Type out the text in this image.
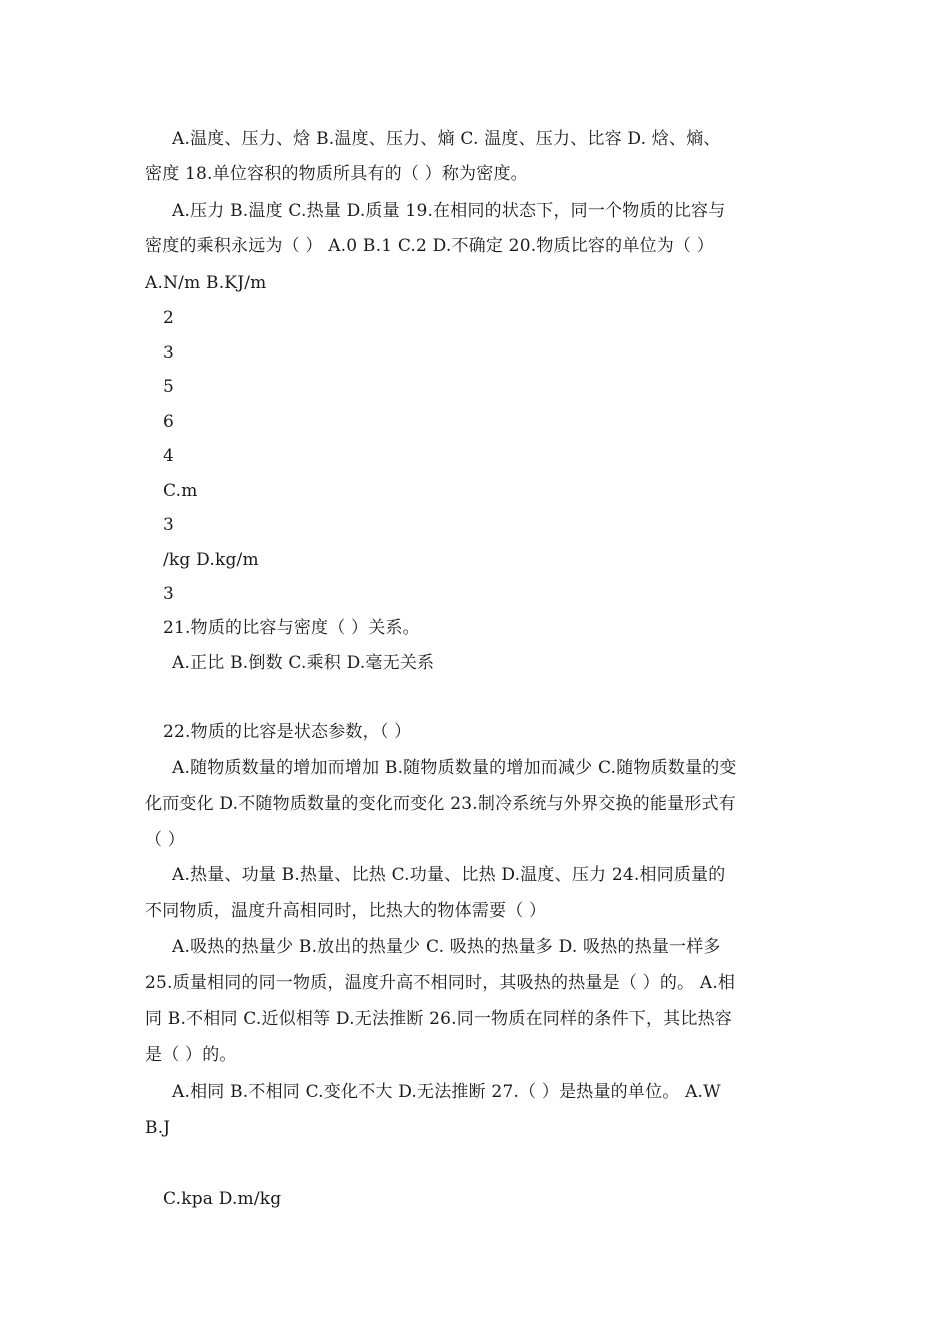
A.温度、压力、焓 B.温度、压力、熵 C. 温度、压力、比容 D. 焓、熵、
密度 18.单位容积的物质所具有的（ ）称为密度。
A.压力 B.温度 C.热量 D.质量 19.在相同的状态下，同一个物质的比容与
密度的乘积永远为（ ） A.0 B.1 C.2 D.不确定 20.物质比容的单位为（ ）
A.N/m B.KJ/m
2
3
5
6
4
C.m
3
/kg D.kg/m
3
21.物质的比容与密度（ ）关系。
A.正比 B.倒数 C.乘积 D.毫无关系
22.物质的比容是状态参数，（ ）
A.随物质数量的增加而增加 B.随物质数量的增加而减少 C.随物质数量的变
化而变化 D.不随物质数量的变化而变化 23.制冷系统与外界交换的能量形式有
（ ）
A.热量、功量 B.热量、比热 C.功量、比热 D.温度、压力 24.相同质量的
不同物质，温度升高相同时，比热大的物体需要（ ）
A.吸热的热量少 B.放出的热量少 C. 吸热的热量多 D. 吸热的热量一样多
25.质量相同的同一物质，温度升高不相同时，其吸热的热量是（ ）的。 A.相
同 B.不相同 C.近似相等 D.无法推断 26.同一物质在同样的条件下，其比热容
是（ ）的。
A.相同 B.不相同 C.变化不大 D.无法推断 27.（ ）是热量的单位。 A.W
B.J
C.kpa D.m/kg
